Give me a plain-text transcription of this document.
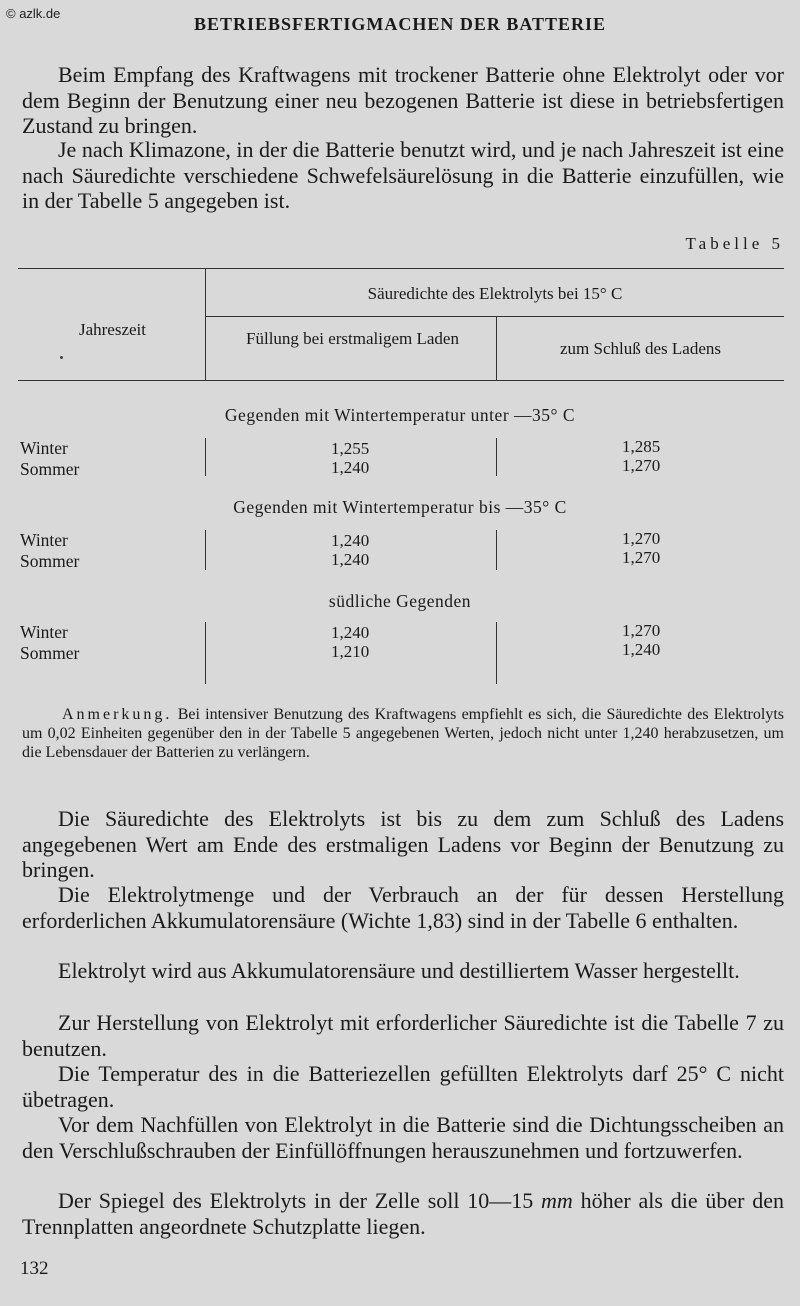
© azlk.de
BETRIEBSFERTIGMACHEN DER BATTERIE

Beim Empfang des Kraftwagens mit trockener Batterie ohne Elektrolyt oder vor dem Beginn der Benutzung einer neu bezogenen Batterie ist diese in betriebsfertigen Zustand zu bringen.

Je nach Klimazone, in der die Batterie benutzt wird, und je nach Jahreszeit ist eine nach Säuredichte verschiedene Schwefelsäurelösung in die Batterie einzufüllen, wie in der Tabelle 5 angegeben ist.

Tabelle 5
Jahreszeit
Säuredichte des Elektrolyts bei 15° C
Füllung bei erstmaligem Laden
zum Schluß des Ladens
Gegenden mit Wintertemperatur unter —35° C
Winter
Sommer
1,255
1,240
1,285
1,270
Gegenden mit Wintertemperatur bis —35° C
Winter
Sommer
1,240
1,240
1,270
1,270
südliche Gegenden
Winter
Sommer
1,240
1,210
1,270
1,240

Anmerkung. Bei intensiver Benutzung des Kraftwagens empfiehlt es sich, die Säuredichte des Elektrolyts um 0,02 Einheiten gegenüber den in der Tabelle 5 angegebenen Werten, jedoch nicht unter 1,240 herabzusetzen, um die Lebensdauer der Batterien zu verlängern.

Die Säuredichte des Elektrolyts ist bis zu dem zum Schluß des Ladens angegebenen Wert am Ende des erstmaligen Ladens vor Beginn der Benutzung zu bringen.

Die Elektrolytmenge und der Verbrauch an der für dessen Herstellung erforderlichen Akkumulatorensäure (Wichte 1,83) sind in der Tabelle 6 enthalten.

Elektrolyt wird aus Akkumulatorensäure und destilliertem Wasser hergestellt.

Zur Herstellung von Elektrolyt mit erforderlicher Säuredichte ist die Tabelle 7 zu benutzen.

Die Temperatur des in die Batteriezellen gefüllten Elektrolyts darf 25° C nicht übetragen.

Vor dem Nachfüllen von Elektrolyt in die Batterie sind die Dichtungsscheiben an den Verschlußschrauben der Einfüllöffnungen herauszunehmen und fortzuwerfen.

Der Spiegel des Elektrolyts in der Zelle soll 10—15 mm höher als die über den Trennplatten angeordnete Schutzplatte liegen.

132
